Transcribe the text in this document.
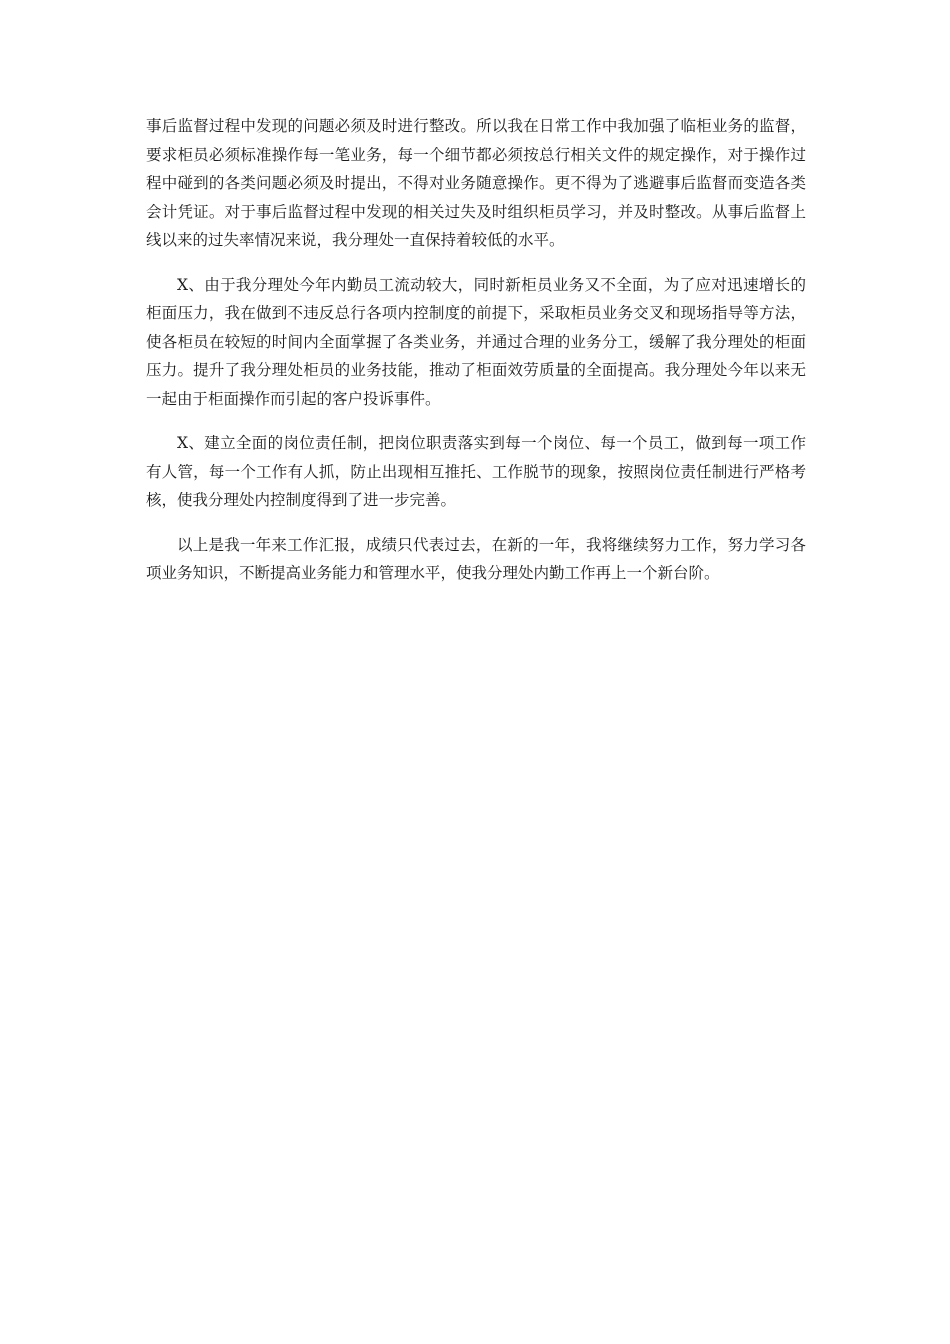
事后监督过程中发现的问题必须及时进行整改。所以我在日常工作中我加强了临柜业务的监督，要求柜员必须标准操作每一笔业务，每一个细节都必须按总行相关文件的规定操作，对于操作过程中碰到的各类问题必须及时提出，不得对业务随意操作。更不得为了逃避事后监督而变造各类会计凭证。对于事后监督过程中发现的相关过失及时组织柜员学习，并及时整改。从事后监督上线以来的过失率情况来说，我分理处一直保持着较低的水平。

X、由于我分理处今年内勤员工流动较大，同时新柜员业务又不全面，为了应对迅速增长的柜面压力，我在做到不违反总行各项内控制度的前提下，采取柜员业务交叉和现场指导等方法，使各柜员在较短的时间内全面掌握了各类业务，并通过合理的业务分工，缓解了我分理处的柜面压力。提升了我分理处柜员的业务技能，推动了柜面效劳质量的全面提高。我分理处今年以来无一起由于柜面操作而引起的客户投诉事件。

X、建立全面的岗位责任制，把岗位职责落实到每一个岗位、每一个员工，做到每一项工作有人管，每一个工作有人抓，防止出现相互推托、工作脱节的现象，按照岗位责任制进行严格考核，使我分理处内控制度得到了进一步完善。

以上是我一年来工作汇报，成绩只代表过去，在新的一年，我将继续努力工作，努力学习各项业务知识，不断提高业务能力和管理水平，使我分理处内勤工作再上一个新台阶。
